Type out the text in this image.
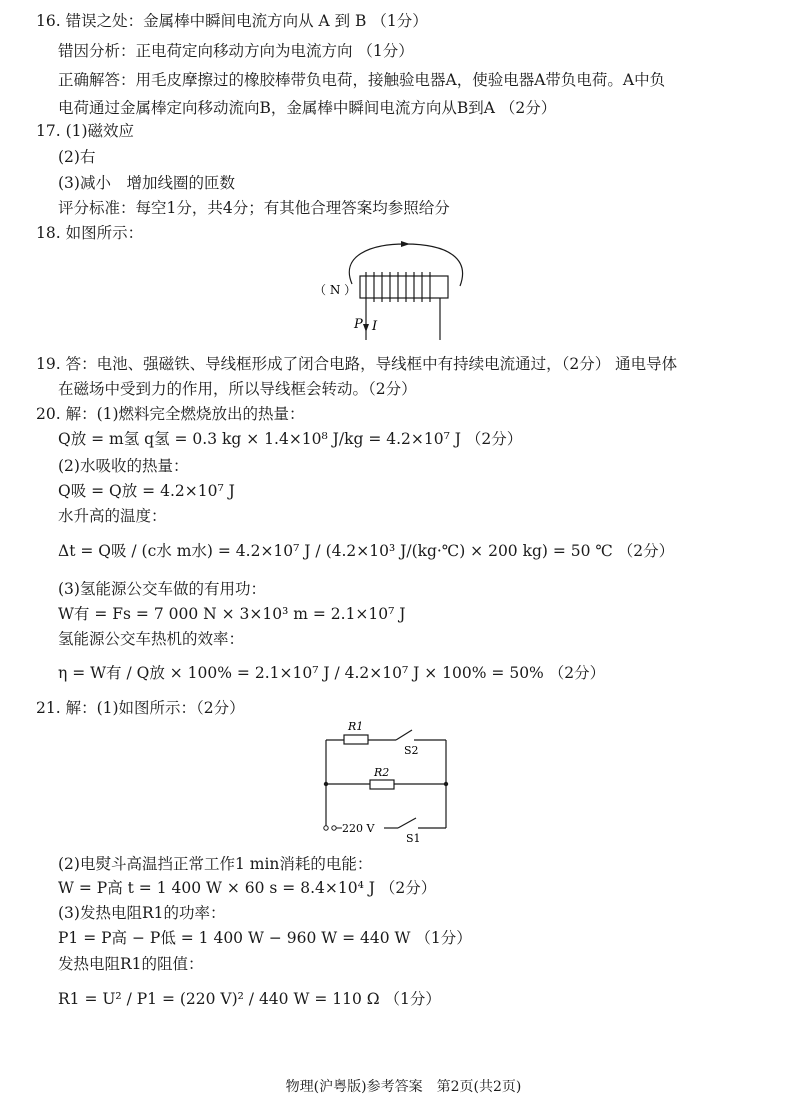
16. 错误之处：金属棒中瞬间电流方向从 A 到 B （1分）
错因分析：正电荷定向移动方向为电流方向 （1分）
正确解答：用毛皮摩擦过的橡胶棒带负电荷，接触验电器A，使验电器A带负电荷。A中负
电荷通过金属棒定向移动流向B，金属棒中瞬间电流方向从B到A （2分）
17. (1)磁效应
(2)右
(3)减小　增加线圈的匝数
评分标准：每空1分，共4分；有其他合理答案均参照给分
18. 如图所示：
（ N ）
P I
19. 答：电池、强磁铁、导线框形成了闭合电路，导线框中有持续电流通过，（2分） 通电导体
在磁场中受到力的作用，所以导线框会转动。（2分）
20. 解：(1)燃料完全燃烧放出的热量：
Q放 = m氢 q氢 = 0.3 kg × 1.4×10⁸ J/kg = 4.2×10⁷ J （2分）
(2)水吸收的热量：
Q吸 = Q放 = 4.2×10⁷ J
水升高的温度：
Δt = Q吸 / (c水 m水) = 4.2×10⁷ J / (4.2×10³ J/(kg·℃) × 200 kg) = 50 ℃ （2分）
(3)氢能源公交车做的有用功：
W有 = Fs = 7 000 N × 3×10³ m = 2.1×10⁷ J
氢能源公交车热机的效率：
η = W有 / Q放 × 100% = 2.1×10⁷ J / 4.2×10⁷ J × 100% = 50% （2分）
21. 解：(1)如图所示：（2分）
R1
R2
S2
S1
220 V
(2)电熨斗高温挡正常工作1 min消耗的电能：
W = P高 t = 1 400 W × 60 s = 8.4×10⁴ J （2分）
(3)发热电阻R1的功率：
P1 = P高 − P低 = 1 400 W − 960 W = 440 W （1分）
发热电阻R1的阻值：
R1 = U² / P1 = (220 V)² / 440 W = 110 Ω （1分）
物理(沪粤版)参考答案　第2页(共2页)
